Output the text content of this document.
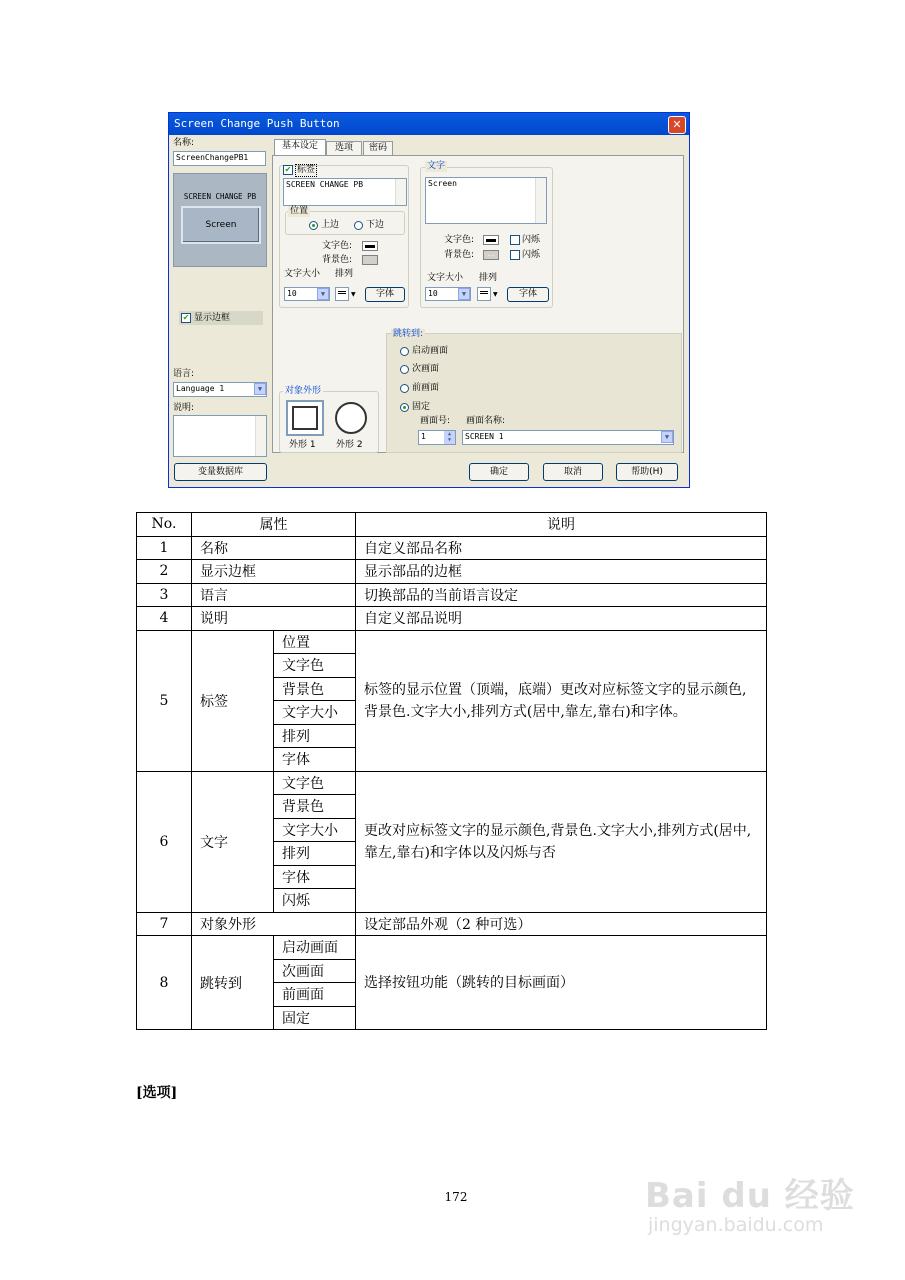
Screen Change Push Button	✕
名称:
ScreenChangePB1
SCREEN CHANGE PB
Screen
✔ 显示边框
语言:
Language 1	▼
说明:
基本设定	选项	密码
✔ 标签
SCREEN CHANGE PB
位置
上边	下边
文字色:
背景色:
文字大小 排列
10	▼	▼	字体
文字
Screen
文字色:	闪烁
背景色:	...	闪烁
文字大小 排列
10	▼	▼	字体
跳转到:
启动画面
次画面
前画面
固定
画面号: 画面名称:
1	▲
▼	SCREEN 1	▼
对象外形
外形 1 外形 2
变量数据库	确定	取消	帮助(H)
No.	属性		说明
1	名称		自定义部品名称
2	显示边框		显示部品的边框
3	语言		切换部品的当前语言设定
4	说明		自定义部品说明
5	标签	位置	标签的显示位置（顶端，底端）更改对应标签文字的显示颜色,背景色.文字大小,排列方式(居中,靠左,靠右)和字体。
		文字色	
		背景色	
		文字大小	
		排列	
		字体	
6	文字	文字色	更改对应标签文字的显示颜色,背景色.文字大小,排列方式(居中,靠左,靠右)和字体以及闪烁与否
		背景色	
		文字大小	
		排列	
		字体	
		闪烁	
7	对象外形		设定部品外观（2 种可选）
8	跳转到	启动画面	选择按钮功能（跳转的目标画面）
		次画面	
		前画面	
		固定	
[选项]
172	Bai du 经验
jingyan.baidu.com
